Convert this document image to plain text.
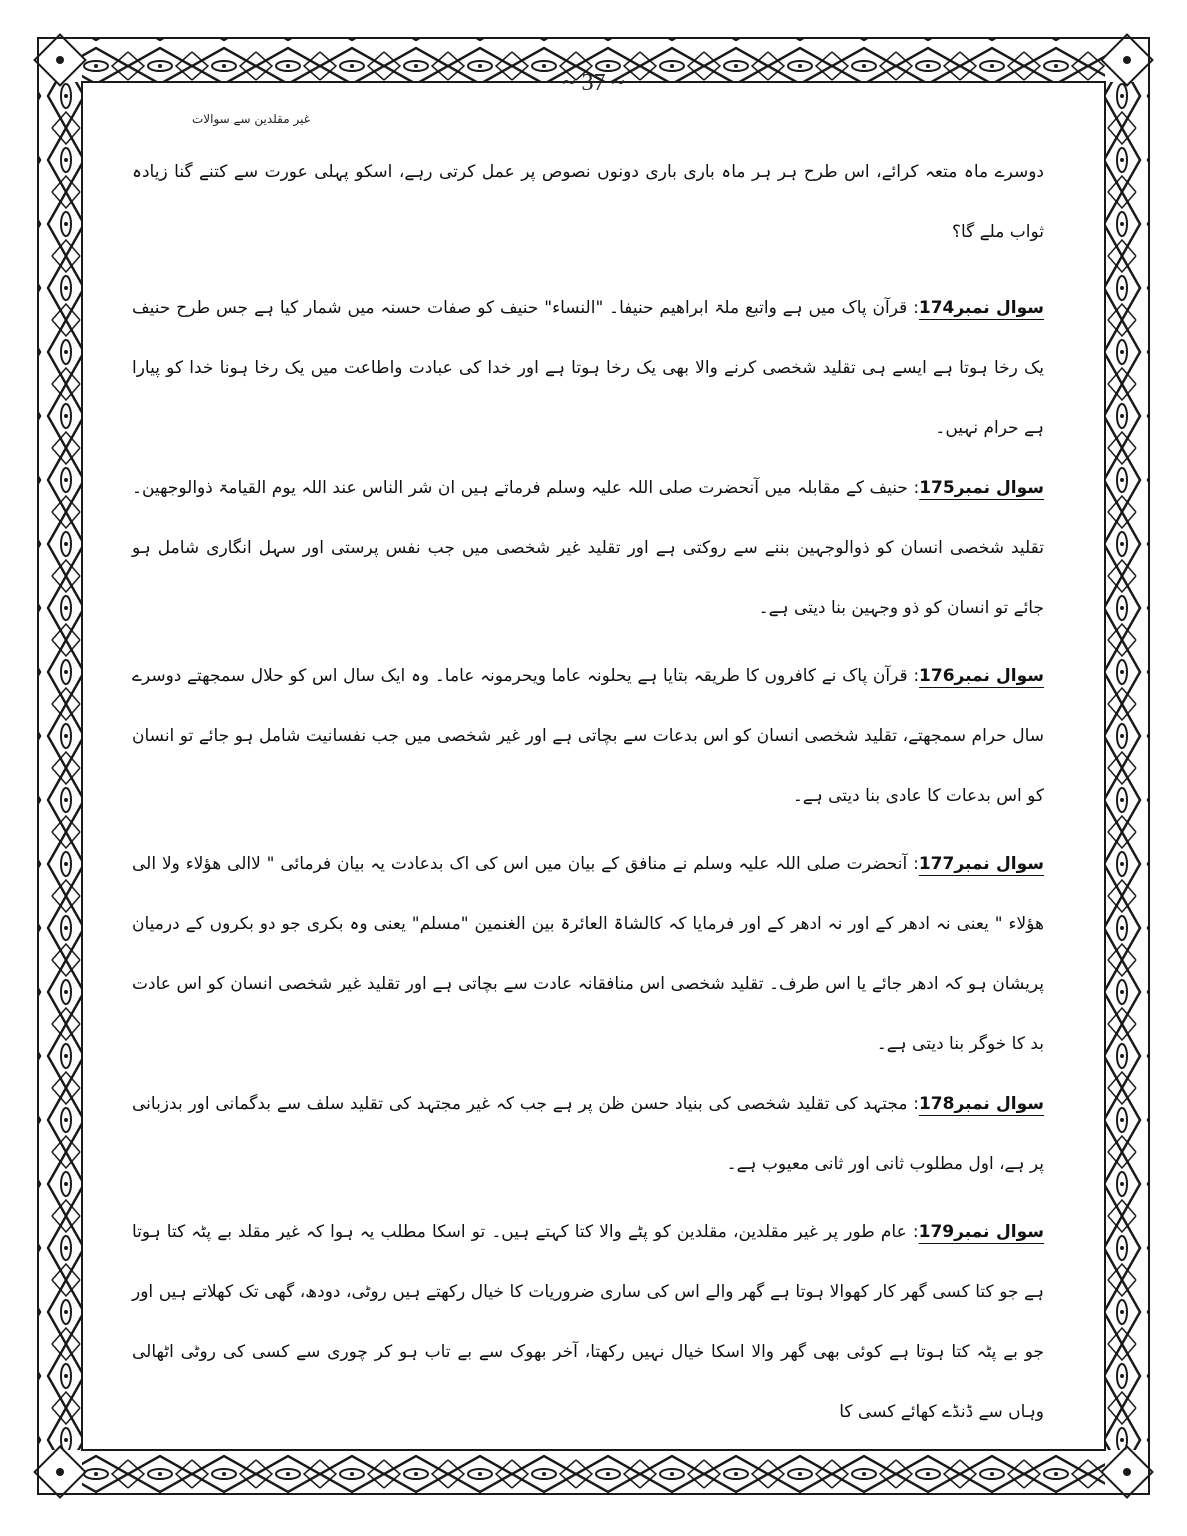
~ 37 ~
غیر مقلدین سے سوالات

دوسرے ماہ متعہ کرائے، اس طرح ہر ہر ماہ باری باری دونوں نصوص پر عمل کرتی رہے، اسکو پہلی عورت سے کتنے گنا زیادہ ثواب ملے گا؟

سوال نمبر174: قرآن پاک میں ہے واتبع ملۃ ابراھیم حنیفا۔ "النساء" حنیف کو صفات حسنہ میں شمار کیا ہے جس طرح حنیف یک رخا ہوتا ہے ایسے ہی تقلید شخصی کرنے والا بھی یک رخا ہوتا ہے اور خدا کی عبادت واطاعت میں یک رخا ہونا خدا کو پیارا ہے حرام نہیں۔

سوال نمبر175: حنیف کے مقابلہ میں آنحضرت صلی اللہ علیہ وسلم فرماتے ہیں ان شر الناس عند اللہ یوم القیامۃ ذوالوجھین۔ تقلید شخصی انسان کو ذوالوجہین بننے سے روکتی ہے اور تقلید غیر شخصی میں جب نفس پرستی اور سہل انگاری شامل ہو جائے تو انسان کو ذو وجہین بنا دیتی ہے۔

سوال نمبر176: قرآن پاک نے کافروں کا طریقہ بتایا ہے یحلونہ عاما ویحرمونہ عاما۔ وہ ایک سال اس کو حلال سمجھتے دوسرے سال حرام سمجھتے، تقلید شخصی انسان کو اس بدعات سے بچاتی ہے اور غیر شخصی میں جب نفسانیت شامل ہو جائے تو انسان کو اس بدعات کا عادی بنا دیتی ہے۔

سوال نمبر177: آنحضرت صلی اللہ علیہ وسلم نے منافق کے بیان میں اس کی اک بدعادت یہ بیان فرمائی " لاالی ھؤلاء ولا الی ھؤلاء " یعنی نہ ادھر کے اور نہ ادھر کے اور فرمایا کہ کالشاۃ العائرۃ بین الغنمین "مسلم" یعنی وہ بکری جو دو بکروں کے درمیان پریشان ہو کہ ادھر جائے یا اس طرف۔ تقلید شخصی اس منافقانہ عادت سے بچاتی ہے اور تقلید غیر شخصی انسان کو اس عادت بد کا خوگر بنا دیتی ہے۔

سوال نمبر178: مجتہد کی تقلید شخصی کی بنیاد حسن ظن پر ہے جب کہ غیر مجتہد کی تقلید سلف سے بدگمانی اور بدزبانی پر ہے، اول مطلوب ثانی اور ثانی معیوب ہے۔

سوال نمبر179: عام طور پر غیر مقلدین، مقلدین کو پٹے والا کتا کہتے ہیں۔ تو اسکا مطلب یہ ہوا کہ غیر مقلد بے پٹہ کتا ہوتا ہے جو کتا کسی گھر کار کھوالا ہوتا ہے گھر والے اس کی ساری ضروریات کا خیال رکھتے ہیں روٹی، دودھ، گھی تک کھلاتے ہیں اور جو بے پٹہ کتا ہوتا ہے کوئی بھی گھر والا اسکا خیال نہیں رکھتا، آخر بھوک سے بے تاب ہو کر چوری سے کسی کی روٹی اٹھالی وہاں سے ڈنڈے کھائے کسی کا
